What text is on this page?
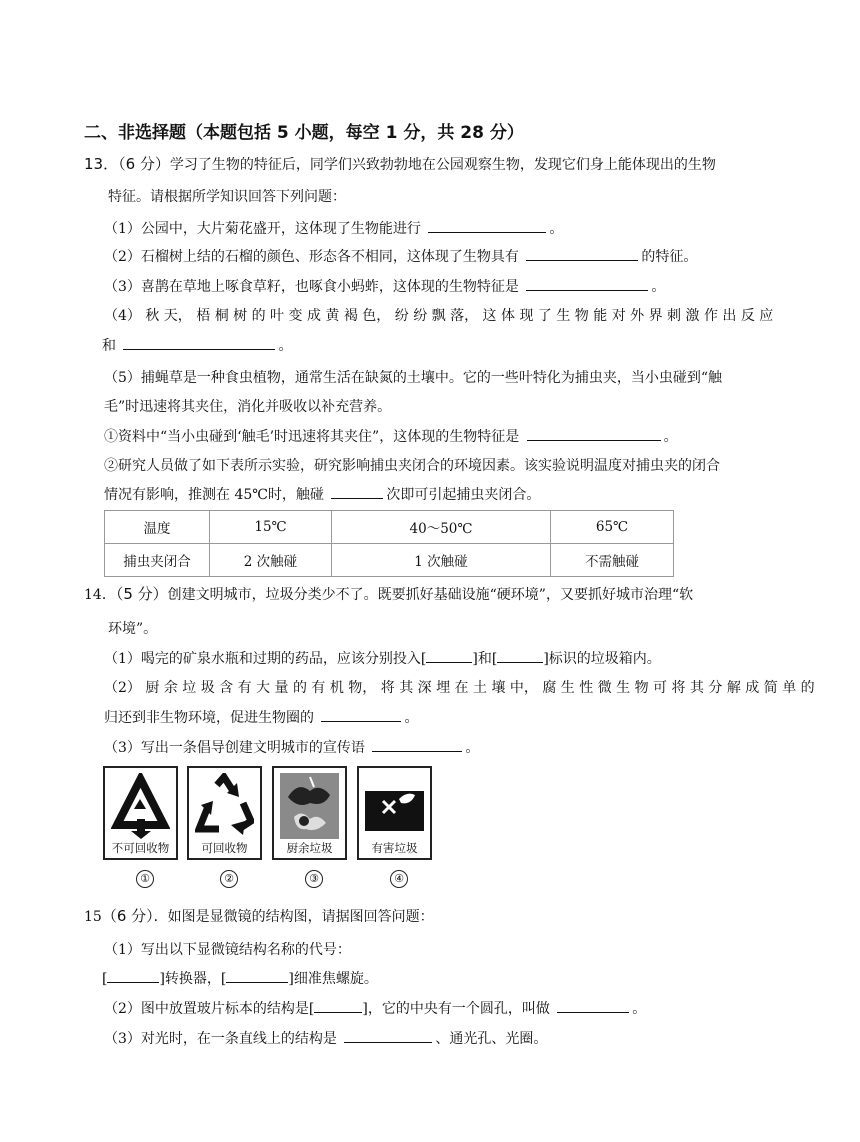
二、非选择题（本题包括 5 小题，每空 1 分，共 28 分）
13．（6 分）学习了生物的特征后，同学们兴致勃勃地在公园观察生物，发现它们身上能体现出的生物
特征。请根据所学知识回答下列问题：
（1）公园中，大片菊花盛开，这体现了生物能进行	。
（2）石榴树上结的石榴的颜色、形态各不相同，这体现了生物具有	的特征。
（3）喜鹊在草地上啄食草籽，也啄食小蚂蚱，这体现的生物特征是	。
（4） 秋 天， 梧 桐 树 的 叶 变 成 黄 褐 色， 纷 纷 飘 落， 这 体 现 了 生 物 能 对 外 界 刺 激 作 出 反 应
和	。
（5）捕蝇草是一种食虫植物，通常生活在缺氮的土壤中。它的一些叶特化为捕虫夹，当小虫碰到“触
毛”时迅速将其夹住，消化并吸收以补充营养。
①资料中“当小虫碰到‘触毛’时迅速将其夹住”，这体现的生物特征是	。
②研究人员做了如下表所示实验，研究影响捕虫夹闭合的环境因素。该实验说明温度对捕虫夹的闭合
情况有影响，推测在 45℃时，触碰	次即可引起捕虫夹闭合。
温度	15℃	40～50℃	65℃
捕虫夹闭合	2 次触碰	1 次触碰	不需触碰
14．（5 分）创建文明城市，垃圾分类少不了。既要抓好基础设施“硬环境”，又要抓好城市治理“软
环境”。
（1）喝完的矿泉水瓶和过期的药品，应该分别投入[	]和[	]标识的垃圾箱内。
（2） 厨 余 垃 圾 含 有 大 量 的 有 机 物， 将 其 深 埋 在 土 壤 中， 腐 生 性 微 生 物 可 将 其 分 解 成 简 单 的
归还到非生物环境，促进生物圈的	。
（3）写出一条倡导创建文明城市的宣传语	。
不可回收物	可回收物	厨余垃圾	有害垃圾
①	②	③	④
15（6 分）．如图是显微镜的结构图，请据图回答问题：
（1）写出以下显微镜结构名称的代号：
[	]转换器，[	]细准焦螺旋。
（2）图中放置玻片标本的结构是[	]，它的中央有一个圆孔，叫做	。
（3）对光时，在一条直线上的结构是	、通光孔、光圈。
